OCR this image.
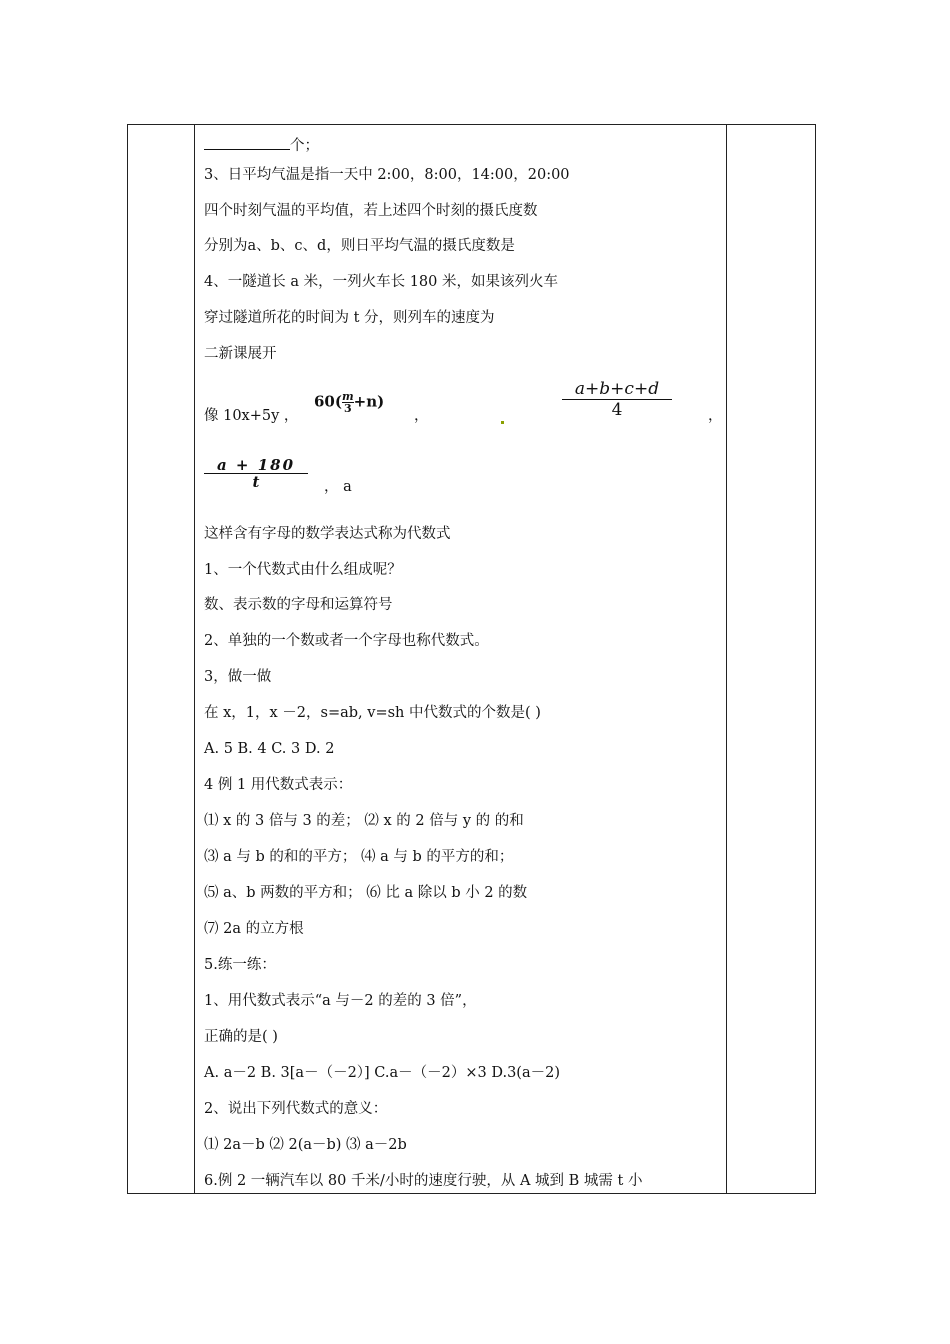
个；
3、日平均气温是指一天中 2:00，8:00，14:00，20:00
四个时刻气温的平均值，若上述四个时刻的摄氏度数
分别为a、b、c、d，则日平均气温的摄氏度数是
4、一隧道长 a 米，一列火车长 180 米，如果该列火车
穿过隧道所花的时间为 t 分，则列车的速度为
二新课展开
像 10x+5y ，
$60( \frac{m}{3} +n)$
，
a+b+c+d
4	，
a + 180
t	， a
这样含有字母的数学表达式称为代数式
1、一个代数式由什么组成呢？
数、表示数的字母和运算符号
2、单独的一个数或者一个字母也称代数式。
3，做一做
在 x，1，x －2，s=ab, v=sh 中代数式的个数是( )
A. 5 B. 4 C. 3 D. 2
4 例 1 用代数式表示：
⑴ x 的 3 倍与 3 的差； ⑵ x 的 2 倍与 y 的 的和
⑶ a 与 b 的和的平方； ⑷ a 与 b 的平方的和；
⑸ a、b 两数的平方和； ⑹ 比 a 除以 b 小 2 的数
⑺ 2a 的立方根
5.练一练：
1、用代数式表示“a 与－2 的差的 3 倍”，
正确的是( )
A. a－2 B. 3[a－（－2）] C.a－（－2）×3 D.3(a－2)
2、说出下列代数式的意义：
⑴ 2a－b ⑵ 2(a－b) ⑶ a－2b
6.例 2 一辆汽车以 80 千米/小时的速度行驶，从 A 城到 B 城需 t 小
